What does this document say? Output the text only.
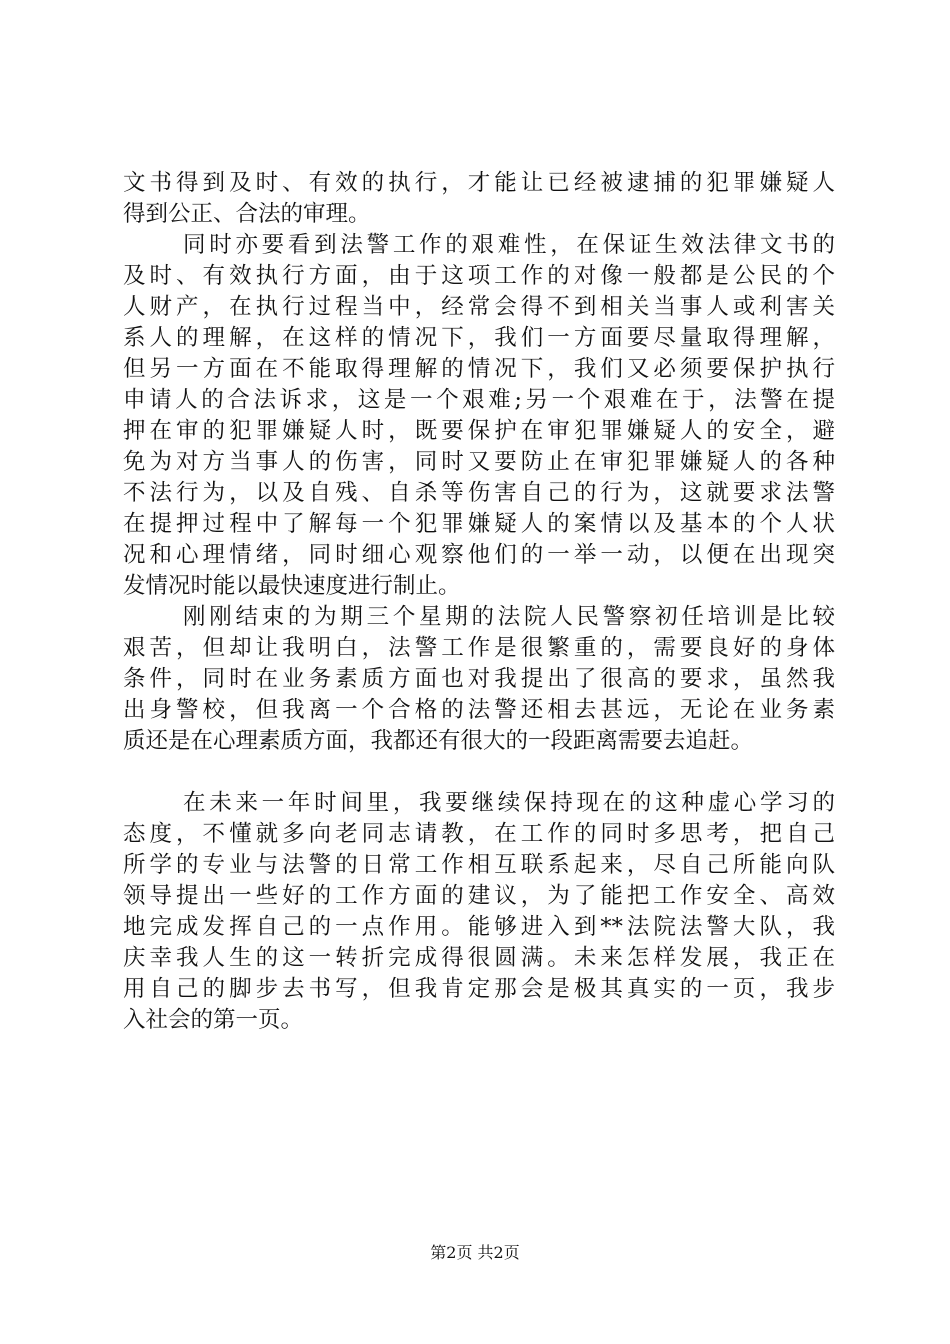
文书得到及时、有效的执行，才能让已经被逮捕的犯罪嫌疑人
得到公正、合法的审理。
同时亦要看到法警工作的艰难性，在保证生效法律文书的
及时、有效执行方面，由于这项工作的对像一般都是公民的个
人财产，在执行过程当中，经常会得不到相关当事人或利害关
系人的理解，在这样的情况下，我们一方面要尽量取得理解，
但另一方面在不能取得理解的情况下，我们又必须要保护执行
申请人的合法诉求，这是一个艰难;另一个艰难在于，法警在提
押在审的犯罪嫌疑人时，既要保护在审犯罪嫌疑人的安全，避
免为对方当事人的伤害，同时又要防止在审犯罪嫌疑人的各种
不法行为，以及自残、自杀等伤害自己的行为，这就要求法警
在提押过程中了解每一个犯罪嫌疑人的案情以及基本的个人状
况和心理情绪，同时细心观察他们的一举一动，以便在出现突
发情况时能以最快速度进行制止。
刚刚结束的为期三个星期的法院人民警察初任培训是比较
艰苦，但却让我明白，法警工作是很繁重的，需要良好的身体
条件，同时在业务素质方面也对我提出了很高的要求，虽然我
出身警校，但我离一个合格的法警还相去甚远，无论在业务素
质还是在心理素质方面，我都还有很大的一段距离需要去追赶。
在未来一年时间里，我要继续保持现在的这种虚心学习的
态度，不懂就多向老同志请教，在工作的同时多思考，把自己
所学的专业与法警的日常工作相互联系起来，尽自己所能向队
领导提出一些好的工作方面的建议，为了能把工作安全、高效
地完成发挥自己的一点作用。能够进入到**法院法警大队，我
庆幸我人生的这一转折完成得很圆满。未来怎样发展，我正在
用自己的脚步去书写，但我肯定那会是极其真实的一页，我步
入社会的第一页。
第2页 共2页
